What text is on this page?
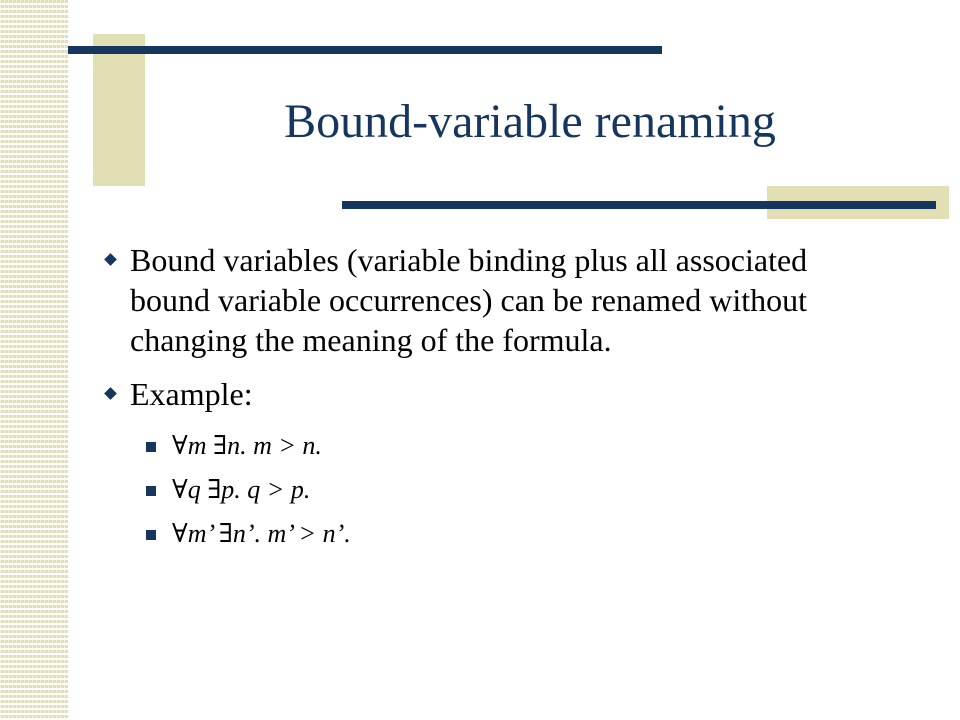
Bound-variable renaming
Bound variables (variable binding plus all associated bound variable occurrences) can be renamed without changing the meaning of the formula.
Example:
∀m ∃n. m > n.
∀q ∃p. q > p.
∀m’ ∃n’. m’ > n’.
